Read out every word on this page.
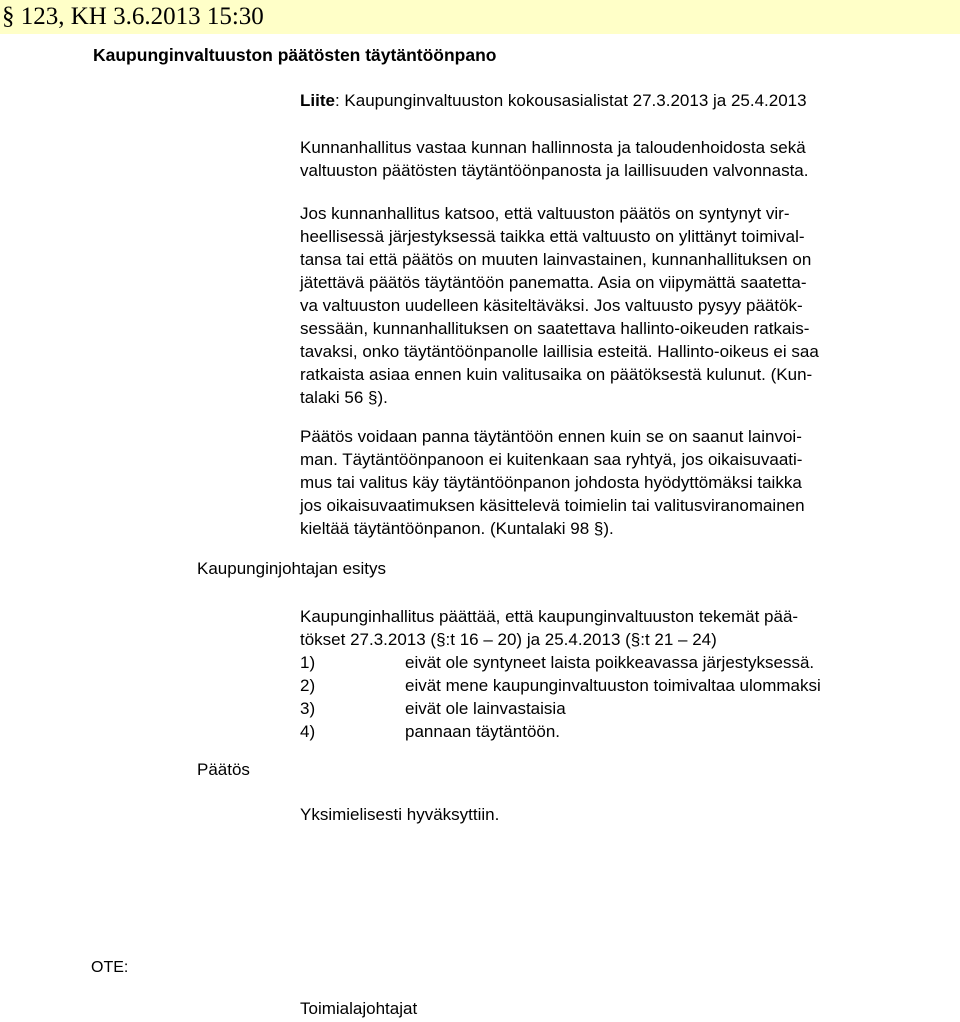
§ 123, KH 3.6.2013 15:30
Kaupunginvaltuuston päätösten täytäntöönpano
Liite: Kaupunginvaltuuston kokousasialistat 27.3.2013 ja 25.4.2013
Kunnanhallitus vastaa kunnan hallinnosta ja taloudenhoidosta sekä
valtuuston päätösten täytäntöönpanosta ja laillisuuden valvonnasta.
Jos kunnanhallitus katsoo, että valtuuston päätös on syntynyt vir-
heellisessä järjestyksessä taikka että valtuusto on ylittänyt toimival-
tansa tai että päätös on muuten lainvastainen, kunnanhallituksen on
jätettävä päätös täytäntöön panematta. Asia on viipymättä saatetta-
va valtuuston uudelleen käsiteltäväksi. Jos valtuusto pysyy päätök-
sessään, kunnanhallituksen on saatettava hallinto-oikeuden ratkais-
tavaksi, onko täytäntöönpanolle laillisia esteitä. Hallinto-oikeus ei saa
ratkaista asiaa ennen kuin valitusaika on päätöksestä kulunut. (Kun-
talaki 56 §).
Päätös voidaan panna täytäntöön ennen kuin se on saanut lainvoi-
man. Täytäntöönpanoon ei kuitenkaan saa ryhtyä, jos oikaisuvaati-
mus tai valitus käy täytäntöönpanon johdosta hyödyttömäksi taikka
jos oikaisuvaatimuksen käsittelevä toimielin tai valitusviranomainen
kieltää täytäntöönpanon. (Kuntalaki 98 §).
Kaupunginjohtajan esitys
Kaupunginhallitus päättää, että kaupunginvaltuuston tekemät pää-
tökset 27.3.2013 (§:t 16 – 20) ja 25.4.2013 (§:t 21 – 24)
1)	eivät ole syntyneet laista poikkeavassa järjestyksessä.
2)	eivät mene kaupunginvaltuuston toimivaltaa ulommaksi
3)	eivät ole lainvastaisia
4)	pannaan täytäntöön.
Päätös
Yksimielisesti hyväksyttiin.
OTE:
Toimialajohtajat
